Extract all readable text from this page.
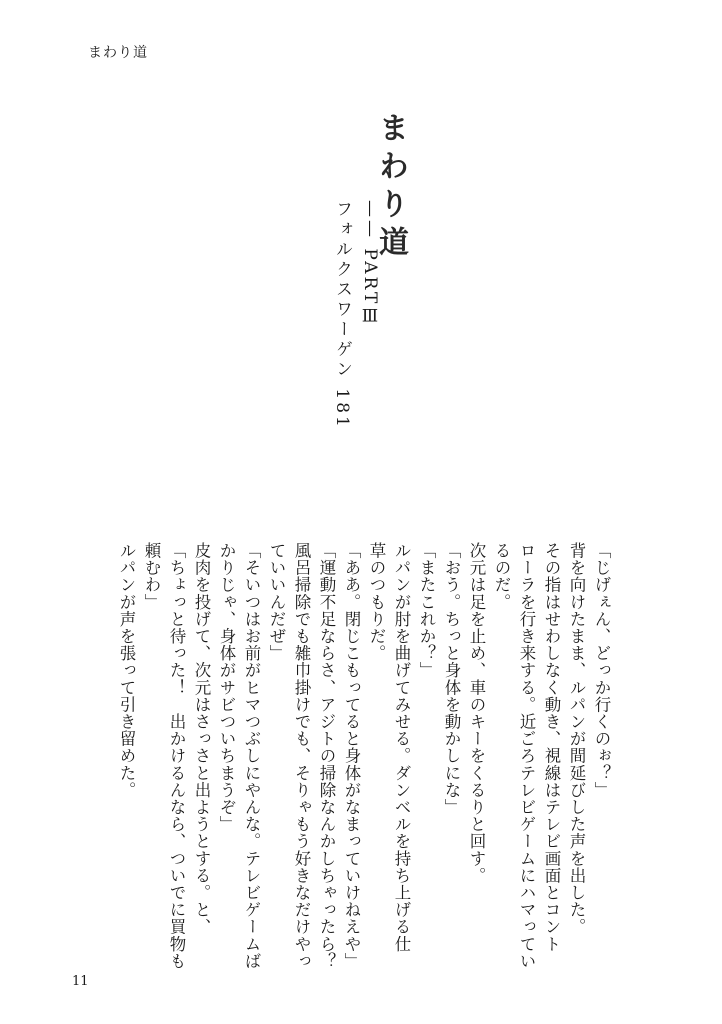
まわり道
まわり道
—— PARTⅢ
フォルクスワーゲン 181
「じげぇん、どっか行くのぉ？」
背を向けたまま、ルパンが間延びした声を出した。
その指はせわしなく動き、視線はテレビ画面とコント
ローラを行き来する。近ごろテレビゲームにハマってい
るのだ。
次元は足を止め、車のキーをくるりと回す。
「おう。ちっと身体を動かしにな」
「またこれか？」
ルパンが肘を曲げてみせる。ダンベルを持ち上げる仕
草のつもりだ。
「ああ。閉じこもってると身体がなまっていけねえや」
「運動不足ならさ、アジトの掃除なんかしちゃったら？
風呂掃除でも雑巾掛けでも、そりゃもう好きなだけやっ
ていいんだぜ」
「そいつはお前がヒマつぶしにやんな。テレビゲームば
かりじゃ、身体がサビついちまうぞ」
皮肉を投げて、次元はさっさと出ようとする。と、
「ちょっと待った！　出かけるんなら、ついでに買物も
頼むわ」
ルパンが声を張って引き留めた。
11
